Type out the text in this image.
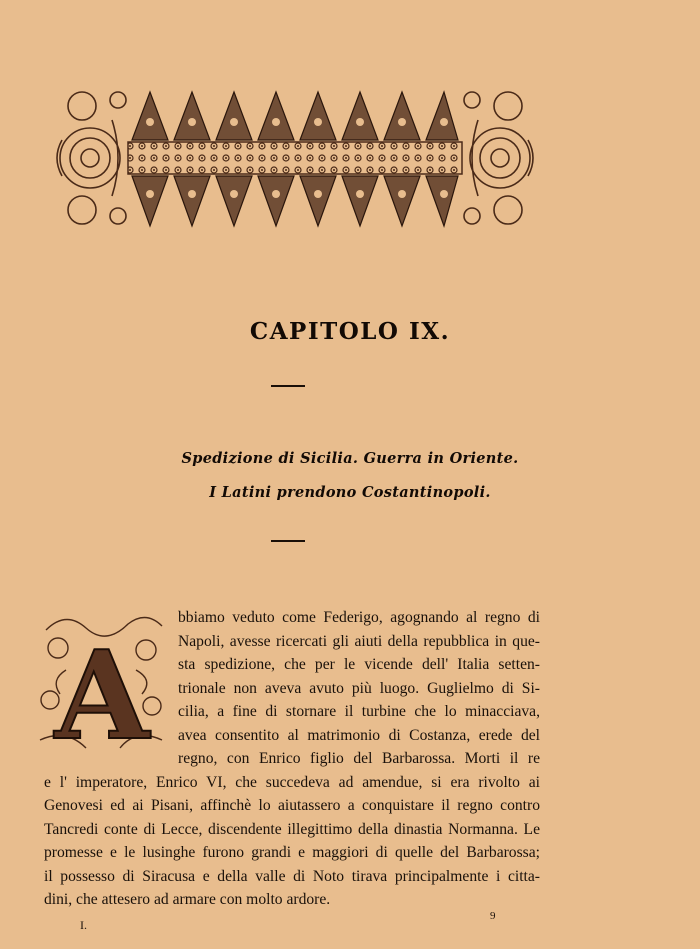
CAPITOLO IX.
Spedizione di Sicilia. Guerra in Oriente.
I Latini prendono Costantinopoli.
A
bbiamo veduto come Federigo, agognando al regno di
Napoli, avesse ricercati gli aiuti della repubblica in que-
sta spedizione, che per le vicende dell' Italia setten-
trionale non aveva avuto più luogo. Guglielmo di Si-
cilia, a fine di stornare il turbine che lo minacciava,
avea consentito al matrimonio di Costanza, erede del
regno, con Enrico figlio del Barbarossa. Morti il re
e l' imperatore, Enrico VI, che succedeva ad amendue, si era rivolto ai
Genovesi ed ai Pisani, affinchè lo aiutassero a conquistare il regno contro
Tancredi conte di Lecce, discendente illegittimo della dinastia Normanna. Le
promesse e le lusinghe furono grandi e maggiori di quelle del Barbarossa;
il possesso di Siracusa e della valle di Noto tirava principalmente i citta-
dini, che attesero ad armare con molto ardore.
I.
9
